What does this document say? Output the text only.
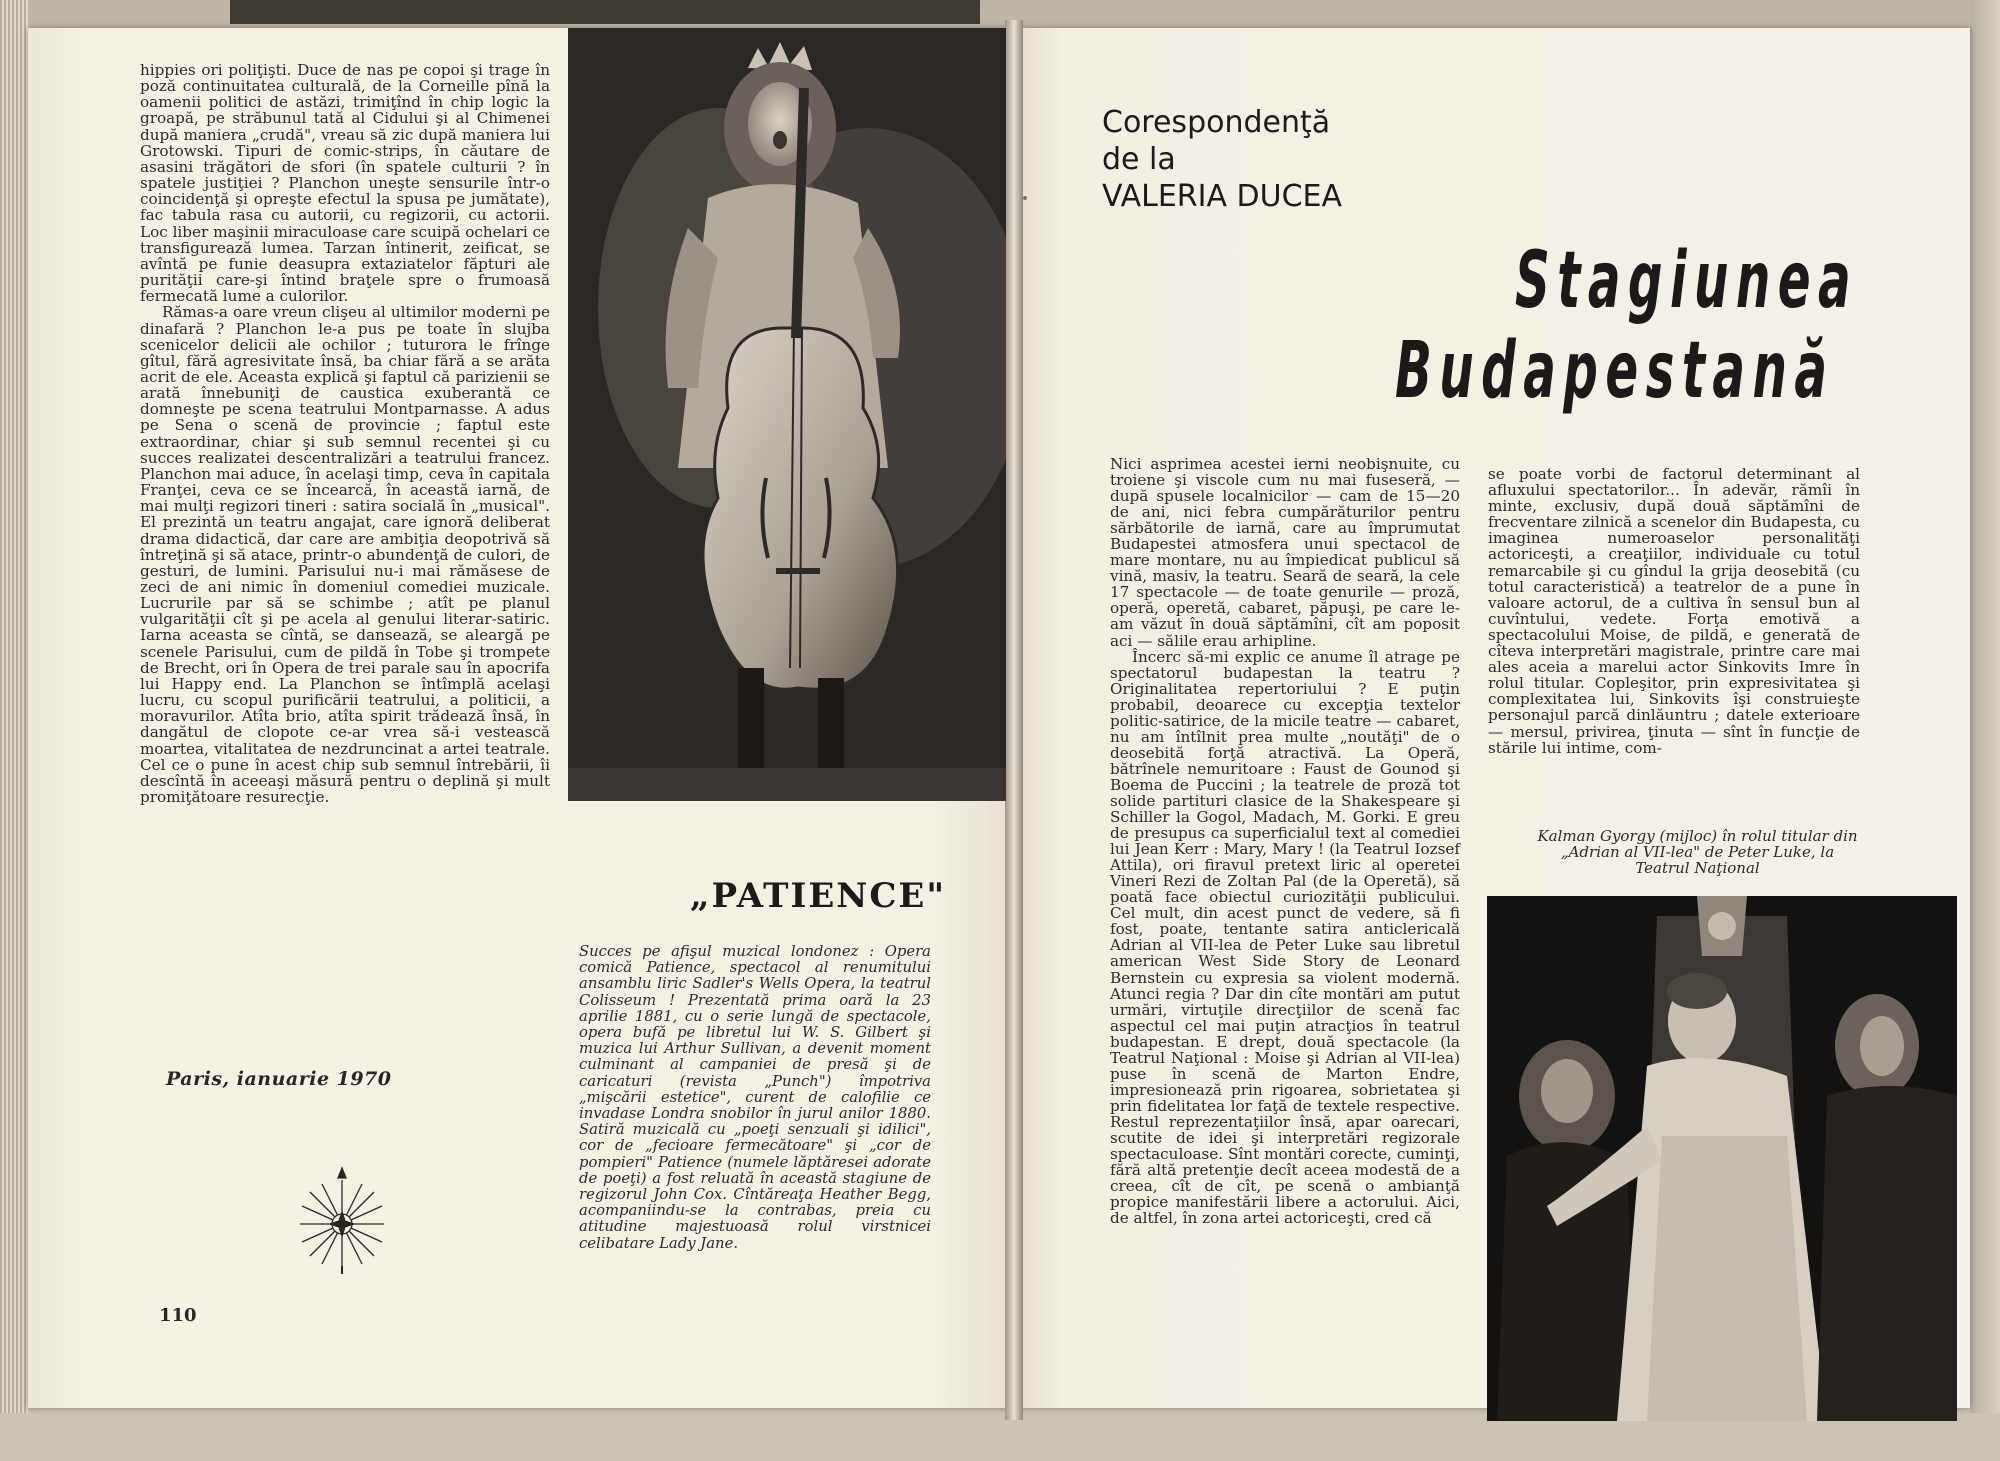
hippies ori poliţişti. Duce de nas pe copoi şi trage în poză continuitatea culturală, de la Corneille pînă la oamenii politici de astăzi, trimiţînd în chip logic la groapă, pe străbunul tată al Cidului şi al Chimenei după maniera „crudă", vreau să zic după maniera lui Grotowski. Tipuri de comic-strips, în căutare de asasini trăgători de sfori (în spatele culturii ? în spatele justiţiei ? Planchon uneşte sensurile într-o coincidenţă şi opreşte efectul la spusa pe jumătate), fac tabula rasa cu autorii, cu regizorii, cu actorii. Loc liber maşinii miraculoase care scuipă ochelari ce transfigurează lumea. Tarzan întinerit, zeificat, se avîntă pe funie deasupra extaziatelor făpturi ale purităţii care-şi întind braţele spre o frumoasă fermecată lume a culorilor.

Rămas-a oare vreun clişeu al ultimilor moderni pe dinafară ? Planchon le-a pus pe toate în slujba scenicelor delicii ale ochilor ; tuturora le frînge gîtul, fără agresivitate însă, ba chiar fără a se arăta acrit de ele. Aceasta explică şi faptul că parizienii se arată înnebuniţi de caustica exuberantă ce domneşte pe scena teatrului Montparnasse. A adus pe Sena o scenă de provincie ; faptul este extraordinar, chiar şi sub semnul recentei şi cu succes realizatei descentralizări a teatrului francez. Planchon mai aduce, în acelaşi timp, ceva în capitala Franţei, ceva ce se încearcă, în această iarnă, de mai mulţi regizori tineri : satira socială în „musical". El prezintă un teatru angajat, care ignoră deliberat drama didactică, dar care are ambiţia deopotrivă să întreţină şi să atace, printr-o abundenţă de culori, de gesturi, de lumini. Parisului nu-i mai rămăsese de zeci de ani nimic în domeniul comediei muzicale. Lucrurile par să se schimbe ; atît pe planul vulgarităţii cît şi pe acela al genului literar-satiric. Iarna aceasta se cîntă, se dansează, se aleargă pe scenele Parisului, cum de pildă în Tobe şi trompete de Brecht, ori în Opera de trei parale sau în apocrifa lui Happy end. La Planchon se întîmplă acelaşi lucru, cu scopul purificării teatrului, a politicii, a moravurilor. Atîta brio, atîta spirit trădează însă, în dangătul de clopote ce-ar vrea să-i vestească moartea, vitalitatea de nezdruncinat a artei teatrale. Cel ce o pune în acest chip sub semnul întrebării, îi descîntă în aceeaşi măsură pentru o deplină şi mult promiţătoare resurecţie.

Paris, ianuarie 1970
110
„PATIENCE"
Succes pe afişul muzical londonez : Opera comică Patience, spectacol al renumitului ansamblu liric Sadler's Wells Opera, la teatrul Colisseum ! Prezentată prima oară la 23 aprilie 1881, cu o serie lungă de spectacole, opera bufă pe libretul lui W. S. Gilbert şi muzica lui Arthur Sullivan, a devenit moment culminant al campaniei de presă şi de caricaturi (revista „Punch") împotriva „mişcării estetice", curent de calofilie ce invadase Londra snobilor în jurul anilor 1880. Satiră muzicală cu „poeţi senzuali şi idilici", cor de „fecioare fermecătoare" şi „cor de pompieri" Patience (numele lăptăresei adorate de poeţi) a fost reluată în această stagiune de regizorul John Cox. Cîntăreaţa Heather Begg, acompaniindu-se la contrabas, preia cu atitudine majestuoasă rolul virstnicei celibatare Lady Jane.
Corespondenţă
de la
VALERIA DUCEA
Stagiunea
Budapestană

Nici asprimea acestei ierni neobişnuite, cu troiene şi viscole cum nu mai fuseseră, — după spusele localnicilor — cam de 15—20 de ani, nici febra cumpărăturilor pentru sărbătorile de iarnă, care au împrumutat Budapestei atmosfera unui spectacol de mare montare, nu au împiedicat publicul să vină, masiv, la teatru. Seară de seară, la cele 17 spectacole — de toate genurile — proză, operă, operetă, cabaret, păpuşi, pe care le-am văzut în două săptămîni, cît am poposit aci — sălile erau arhipline.

Încerc să-mi explic ce anume îl atrage pe spectatorul budapestan la teatru ? Originalitatea repertoriului ? E puţin probabil, deoarece cu excepţia textelor politic-satirice, de la micile teatre — cabaret, nu am întîlnit prea multe „noutăţi" de o deosebită forţă atractivă. La Operă, bătrînele nemuritoare : Faust de Gounod şi Boema de Puccini ; la teatrele de proză tot solide partituri clasice de la Shakespeare şi Schiller la Gogol, Madach, M. Gorki. E greu de presupus ca superficialul text al comediei lui Jean Kerr : Mary, Mary ! (la Teatrul Iozsef Attila), ori firavul pretext liric al operetei Vineri Rezi de Zoltan Pal (de la Operetă), să poată face obiectul curiozităţii publicului. Cel mult, din acest punct de vedere, să fi fost, poate, tentante satira anticlericală Adrian al VII-lea de Peter Luke sau libretul american West Side Story de Leonard Bernstein cu expresia sa violent modernă. Atunci regia ? Dar din cîte montări am putut urmări, virtuţile direcţiilor de scenă fac aspectul cel mai puţin atracţios în teatrul budapestan. E drept, două spectacole (la Teatrul Naţional : Moise şi Adrian al VII-lea) puse în scenă de Marton Endre, impresionează prin rigoarea, sobrietatea şi prin fidelitatea lor faţă de textele respective. Restul reprezentaţiilor însă, apar oarecari, scutite de idei şi interpretări regizorale spectaculoase. Sînt montări corecte, cuminţi, fără altă pretenţie decît aceea modestă de a creea, cît de cît, pe scenă o ambianţă propice manifestării libere a actorului. Aici, de altfel, în zona artei actoriceşti, cred că

se poate vorbi de factorul determinant al afluxului spectatorilor... În adevăr, rămîi în minte, exclusiv, după două săptămîni de frecventare zilnică a scenelor din Budapesta, cu imaginea numeroaselor personalităţi actoriceşti, a creaţiilor, individuale cu totul remarcabile şi cu gîndul la grija deosebită (cu totul caracteristică) a teatrelor de a pune în valoare actorul, de a cultiva în sensul bun al cuvîntului, vedete. Forţa emotivă a spectacolului Moise, de pildă, e generată de cîteva interpretări magistrale, printre care mai ales aceia a marelui actor Sinkovits Imre în rolul titular. Copleşitor, prin expresivitatea şi complexitatea lui, Sinkovits îşi construieşte personajul parcă dinlăuntru ; datele exterioare — mersul, privirea, ţinuta — sînt în funcţie de stările lui intime, com-

Kalman Gyorgy (mijloc) în rolul titular din „Adrian al VII-lea" de Peter Luke, la Teatrul Naţional
